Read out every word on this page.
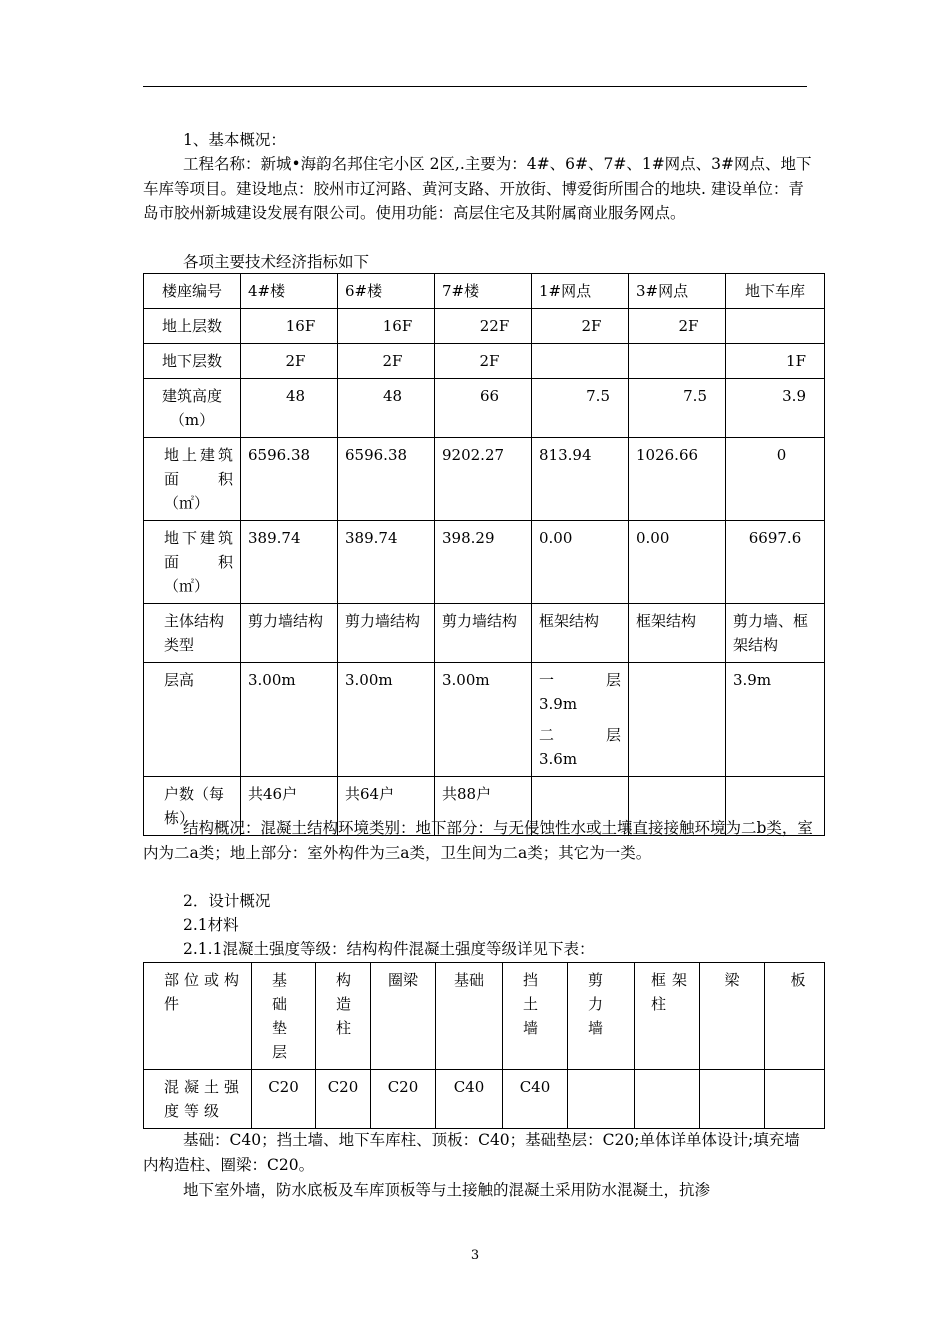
1、基本概况：

工程名称：新城•海韵名邦住宅小区 2区,.主要为：4#、6#、7#、1#网点、3#网点、地下车库等项目。建设地点：胶州市辽河路、黄河支路、开放街、博爱街所围合的地块. 建设单位：青岛市胶州新城建设发展有限公司。使用功能：高层住宅及其附属商业服务网点。

各项主要技术经济指标如下

楼座编号	4#楼	6#楼	7#楼	1#网点	3#网点	地下车库
地上层数	16F	16F	22F	2F	2F	
地下层数	2F	2F	2F			1F

建筑高度
（m）	48	48	66	7.5	7.5	3.9

地上建筑
面积
（㎡）	6596.38	6596.38	9202.27	813.94	1026.66	0

地下建筑
面积
（㎡）	389.74	389.74	398.29	0.00	0.00	6697.6
主体结构类型	剪力墙结构	剪力墙结构	剪力墙结构	框架结构	框架结构	剪力墙、框架结构
层高	3.00m	3.00m	3.00m	一层
3.9m
二层
3.6m		3.9m
户数（每栋）	共46户	共64户	共88户			

结构概况：混凝土结构环境类别：地下部分：与无侵蚀性水或土壤直接接触环境为二b类，室内为二a类；地上部分：室外构件为三a类，卫生间为二a类；其它为一类。

2．设计概况

2.1材料

2.1.1混凝土强度等级：结构构件混凝土强度等级详见下表：

部位或构件	基础垫层	构造柱	圈梁	基础	挡土墙	剪力墙	框架柱	梁	板
混凝土强度等级	C20	C20	C20	C40	C40				

基础：C40；挡土墙、地下车库柱、顶板：C40；基础垫层：C20;单体详单体设计;填充墙内构造柱、圈梁：C20。

地下室外墙，防水底板及车库顶板等与土接触的混凝土采用防水混凝土，抗渗

3
